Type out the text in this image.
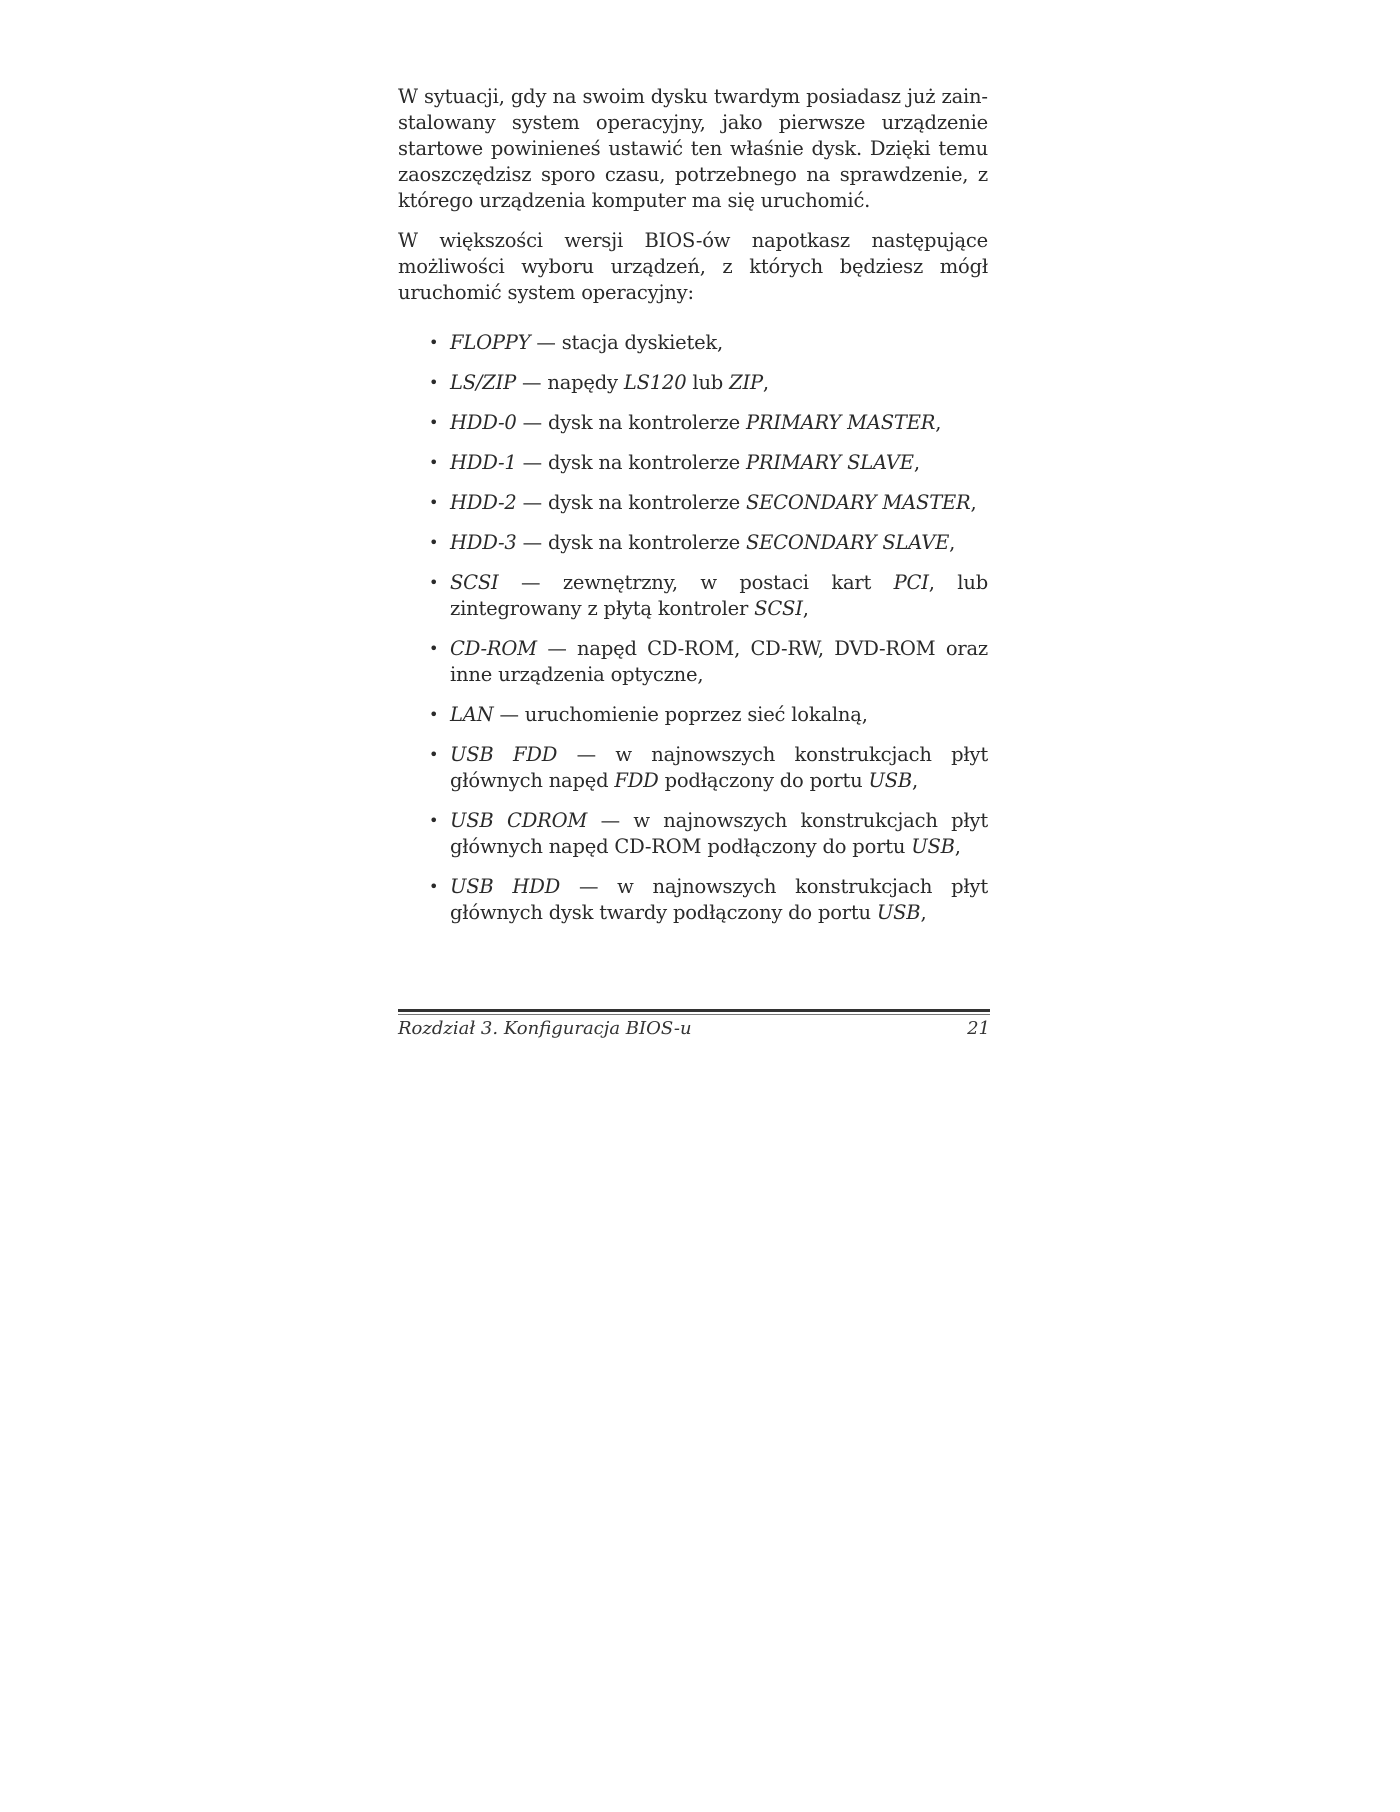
W sytuacji, gdy na swoim dysku twardym posiadasz już zainstalowany system operacyjny, jako pierwsze urządzenie startowe powinieneś ustawić ten właśnie dysk. Dzięki temu zaoszczędzisz sporo czasu, potrzebnego na sprawdzenie, z którego urządzenia komputer ma się uruchomić.

W większości wersji BIOS-ów napotkasz następujące możliwości wyboru urządzeń, z których będziesz mógł uruchomić system operacyjny:

• FLOPPY — stacja dyskietek,
• LS/ZIP — napędy LS120 lub ZIP,
• HDD-0 — dysk na kontrolerze PRIMARY MASTER,
• HDD-1 — dysk na kontrolerze PRIMARY SLAVE,
• HDD-2 — dysk na kontrolerze SECONDARY MASTER,
• HDD-3 — dysk na kontrolerze SECONDARY SLAVE,
• SCSI — zewnętrzny, w postaci kart PCI, lub zintegrowany z płytą kontroler SCSI,
• CD-ROM — napęd CD-ROM, CD-RW, DVD-ROM oraz inne urządzenia optyczne,
• LAN — uruchomienie poprzez sieć lokalną,
• USB FDD — w najnowszych konstrukcjach płyt głównych napęd FDD podłączony do portu USB,
• USB CDROM — w najnowszych konstrukcjach płyt głównych napęd CD-ROM podłączony do portu USB,
• USB HDD — w najnowszych konstrukcjach płyt głównych dysk twardy podłączony do portu USB,
Rozdział 3. Konfiguracja BIOS-u	21
